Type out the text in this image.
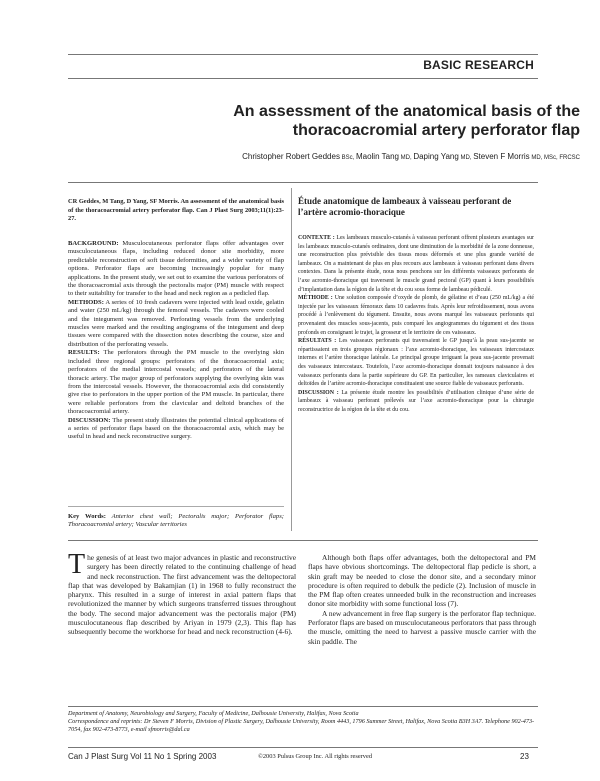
BASIC RESEARCH
An assessment of the anatomical basis of the
thoracoacromial artery perforator flap
Christopher Robert Geddes BSc, Maolin Tang MD, Daping Yang MD, Steven F Morris MD, MSc, FRCSC
CR Geddes, M Tang, D Yang, SF Morris. An assessment of the anatomical basis of the thoracoacromial artery perforator flap. Can J Plast Surg 2003;11(1):23-27.

BACKGROUND: Musculocutaneous perforator flaps offer advantages over musculocutaneous flaps, including reduced donor site morbidity, more predictable reconstruction of soft tissue deformities, and a wider variety of flap options. Perforator flaps are becoming increasingly popular for many applications. In the present study, we set out to examine the various perforators of the thoracoacromial axis through the pectoralis major (PM) muscle with respect to their suitability for transfer to the head and neck region as a pedicled flap.

METHODS: A series of 10 fresh cadavers were injected with lead oxide, gelatin and water (250 mL/kg) through the femoral vessels. The cadavers were cooled and the integument was removed. Perforating vessels from the underlying muscles were marked and the resulting angiograms of the integument and deep tissues were compared with the dissection notes describing the course, size and distribution of the perforating vessels.

RESULTS: The perforators through the PM muscle to the overlying skin included three regional groups: perforators of the thoracoacromial axis; perforators of the medial intercostal vessels; and perforators of the lateral thoracic artery. The major group of perforators supplying the overlying skin was from the intercostal vessels. However, the thoracoacromial axis did consistently give rise to perforators in the upper portion of the PM muscle. In particular, there were reliable perforators from the clavicular and deltoid branches of the thoracoacromial artery.

DISCUSSION: The present study illustrates the potential clinical applications of a series of perforator flaps based on the thoracoacromial axis, which may be useful in head and neck reconstructive surgery.

Key Words: Anterior chest wall; Pectoralis major; Perforator flaps; Thoracoacromial artery; Vascular territories
Étude anatomique de lambeaux à vaisseau perforant de l’artère acromio-thoracique

CONTEXTE : Les lambeaux musculo-cutanés à vaisseau perforant offrent plusieurs avantages sur les lambeaux musculo-cutanés ordinaires, dont une diminution de la morbidité de la zone donneuse, une reconstruction plus prévisible des tissus mous déformés et une plus grande variété de lambeaux. On a maintenant de plus en plus recours aux lambeaux à vaisseau perforant dans divers contextes. Dans la présente étude, nous nous penchons sur les différents vaisseaux perforants de l’axe acromio-thoracique qui traversent le muscle grand pectoral (GP) quant à leurs possibilités d’implantation dans la région de la tête et du cou sous forme de lambeau pédiculé.

MÉTHODE : Une solution composée d’oxyde de plomb, de gélatine et d’eau (250 mL/kg) a été injectée par les vaisseaux fémoraux dans 10 cadavres frais. Après leur refroidissement, nous avons procédé à l’enlèvement du tégument. Ensuite, nous avons marqué les vaisseaux perforants qui provenaient des muscles sous-jacents, puis comparé les angiogrammes du tégument et des tissus profonds en consignant le trajet, la grosseur et le territoire de ces vaisseaux.

RÉSULTATS : Les vaisseaux perforants qui traversaient le GP jusqu’à la peau sus-jacente se répartissaient en trois groupes régionaux : l’axe acromio-thoracique, les vaisseaux intercostaux internes et l’artère thoracique latérale. Le principal groupe irriguant la peau sus-jacente provenait des vaisseaux intercostaux. Toutefois, l’axe acromio-thoracique donnait toujours naissance à des vaisseaux perforants dans la partie supérieure du GP. En particulier, les rameaux claviculaires et deltoïdes de l’artère acromio-thoracique constituaient une source fiable de vaisseaux perforants.

DISCUSSION : La présente étude montre les possibilités d’utilisation clinique d’une série de lambeaux à vaisseau perforant prélevés sur l’axe acromio-thoracique pour la chirurgie reconstructrice de la région de la tête et du cou.

The genesis of at least two major advances in plastic and reconstructive surgery has been directly related to the continuing challenge of head and neck reconstruction. The first advancement was the deltopectoral flap that was developed by Bakamjian (1) in 1968 to fully reconstruct the pharynx. This resulted in a surge of interest in axial pattern flaps that revolutionized the manner by which surgeons transferred tissues throughout the body. The second major advancement was the pectoralis major (PM) musculocutaneous flap described by Ariyan in 1979 (2,3). This flap has subsequently become the workhorse for head and neck reconstruction (4-6).

Although both flaps offer advantages, both the deltopectoral and PM flaps have obvious shortcomings. The deltopectoral flap pedicle is short, a skin graft may be needed to close the donor site, and a secondary minor procedure is often required to debulk the pedicle (2). Inclusion of muscle in the PM flap often creates unneeded bulk in the reconstruction and increases donor site morbidity with some functional loss (7).

A new advancement in free flap surgery is the perforator flap technique. Perforator flaps are based on musculocutaneous perforators that pass through the muscle, omitting the need to harvest a passive muscle carrier with the skin paddle. The

Department of Anatomy, Neurobiology and Surgery, Faculty of Medicine, Dalhousie University, Halifax, Nova Scotia

Correspondence and reprints: Dr Steven F Morris, Division of Plastic Surgery, Dalhousie University, Room 4443, 1796 Summer Street, Halifax, Nova Scotia B3H 3A7. Telephone 902-473-7054, fax 902-473-8773, e-mail sfmorris@dal.ca

Can J Plast Surg Vol 11 No 1 Spring 2003	©2003 Pulsus Group Inc. All rights reserved	23
